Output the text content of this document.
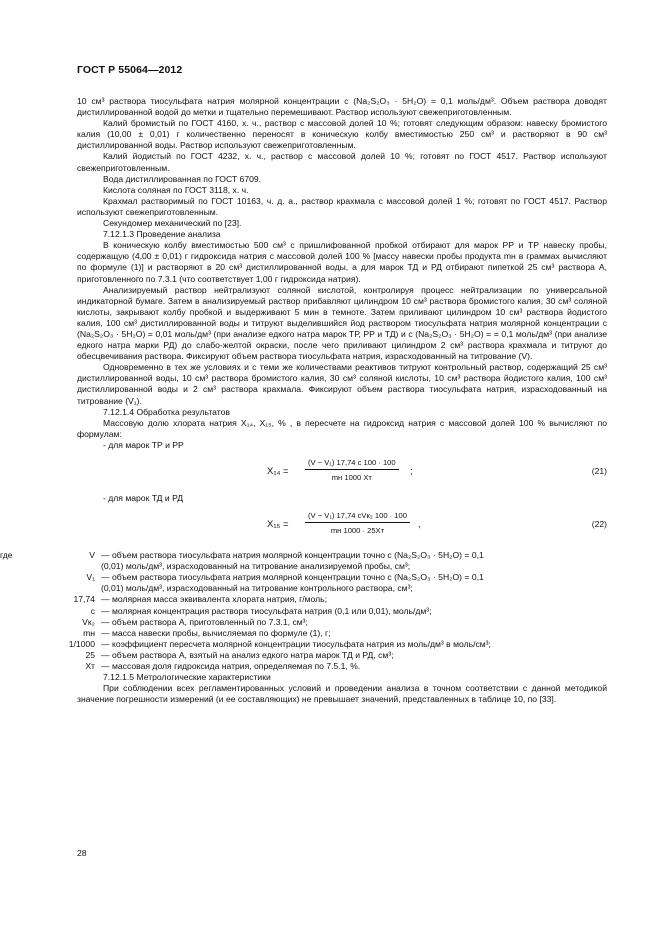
ГОСТ Р 55064—2012

10 см³ раствора тиосульфата натрия молярной концентрации с (Na₂S₂O₃ · 5H₂O) = 0,1 моль/дм³. Объем раствора доводят дистиллированной водой до метки и тщательно перемешивают. Раствор используют свежеприготовленным.

Калий бромистый по ГОСТ 4160, х. ч., раствор с массовой долей 10 %; готовят следующим образом: навеску бромистого калия (10,00 ± 0,01) г количественно переносят в коническую колбу вместимостью 250 см³ и растворяют в 90 см³ дистиллированной воды. Раствор используют свежеприготовленным.

Калий йодистый по ГОСТ 4232, х. ч., раствор с массовой долей 10 %; готовят по ГОСТ 4517. Раствор используют свежеприготовленным.

Вода дистиллированная по ГОСТ 6709.

Кислота соляная по ГОСТ 3118, х. ч.

Крахмал растворимый по ГОСТ 10163, ч. д. а., раствор крахмала с массовой долей 1 %; готовят по ГОСТ 4517. Раствор используют свежеприготовленным.

Секундомер механический по [23].

7.12.1.3 Проведение анализа

В коническую колбу вместимостью 500 см³ с пришлифованной пробкой отбирают для марок РР и ТР навеску пробы, содержащую (4,00 ± 0,01) г гидроксида натрия с массовой долей 100 % [массу навески пробы продукта mн в граммах вычисляют по формуле (1)] и растворяют в 20 см³ дистиллированной воды, а для марок ТД и РД отбирают пипеткой 25 см³ раствора А, приготовленного по 7.3.1 (что соответствует 1,00 г гидроксида натрия).

Анализируемый раствор нейтрализуют соляной кислотой, контролируя процесс нейтрализации по универсальной индикаторной бумаге. Затем в анализируемый раствор прибавляют цилиндром 10 см³ раствора бромистого калия, 30 см³ соляной кислоты, закрывают колбу пробкой и выдерживают 5 мин в темноте. Затем приливают цилиндром 10 см³ раствора йодистого калия, 100 см³ дистиллированной воды и титруют выделившийся йод раствором тиосульфата натрия молярной концентрации с (Na₂S₂O₃ · 5H₂O) = 0,01 моль/дм³ (при анализе едкого натра марок ТР, РР и ТД) и с (Na₂S₂O₃ · 5H₂O) = = 0,1 моль/дм³ (при анализе едкого натра марки РД) до слабо-желтой окраски, после чего приливают цилиндром 2 см³ раствора крахмала и титруют до обесцвечивания раствора. Фиксируют объем раствора тиосульфата натрия, израсходованный на титрование (V).

Одновременно в тех же условиях и с теми же количествами реактивов титруют контрольный раствор, содержащий 25 см³ дистиллированной воды, 10 см³ раствора бромистого калия, 30 см³ соляной кислоты, 10 см³ раствора йодистого калия, 100 см³ дистиллированной воды и 2 см³ раствора крахмала. Фиксируют объем раствора тиосульфата натрия, израсходованный на титрование (V₁).

7.12.1.4 Обработка результатов

Массовую долю хлората натрия X₁₄, X₁₅, % , в пересчете на гидроксид натрия с массовой долей 100 % вычисляют по формулам:

- для марок ТР и РР

X₁₄ =
(V − V₁) 17,74 c 100 · 100
mн 1000 Xт
;	(21)

- для марок ТД и РД

X₁₅ =
(V − V₁) 17,74 cVк₂ 100 · 100
mн 1000 · 25Xт
,	(22)
где	V — объем раствора тиосульфата натрия молярной концентрации точно c (Na₂S₂O₃ · 5H₂O) = 0,1
(0,01) моль/дм³, израсходованный на титрование анализируемой пробы, см³;
V₁ — объем раствора тиосульфата натрия молярной концентрации точно c (Na₂S₂O₃ · 5H₂O) = 0,1
(0,01) моль/дм³, израсходованный на титрование контрольного раствора, см³;
17,74 — молярная масса эквивалента хлората натрия, г/моль;
c — молярная концентрация раствора тиосульфата натрия (0,1 или 0,01), моль/дм³;
Vк₂ — объем раствора А, приготовленный по 7.3.1, см³;
mн — масса навески пробы, вычисляемая по формуле (1), г;
1/1000 — коэффициент пересчета молярной концентрации тиосульфата натрия из моль/дм³ в моль/см³;
25 — объем раствора А, взятый на анализ едкого натра марок ТД и РД, см³;
Xт — массовая доля гидроксида натрия, определяемая по 7.5.1, %.

7.12.1.5 Метрологические характеристики

При соблюдении всех регламентированных условий и проведении анализа в точном соответствии с данной методикой значение погрешности измерений (и ее составляющих) не превышает значений, представленных в таблице 10, по [33].

28
